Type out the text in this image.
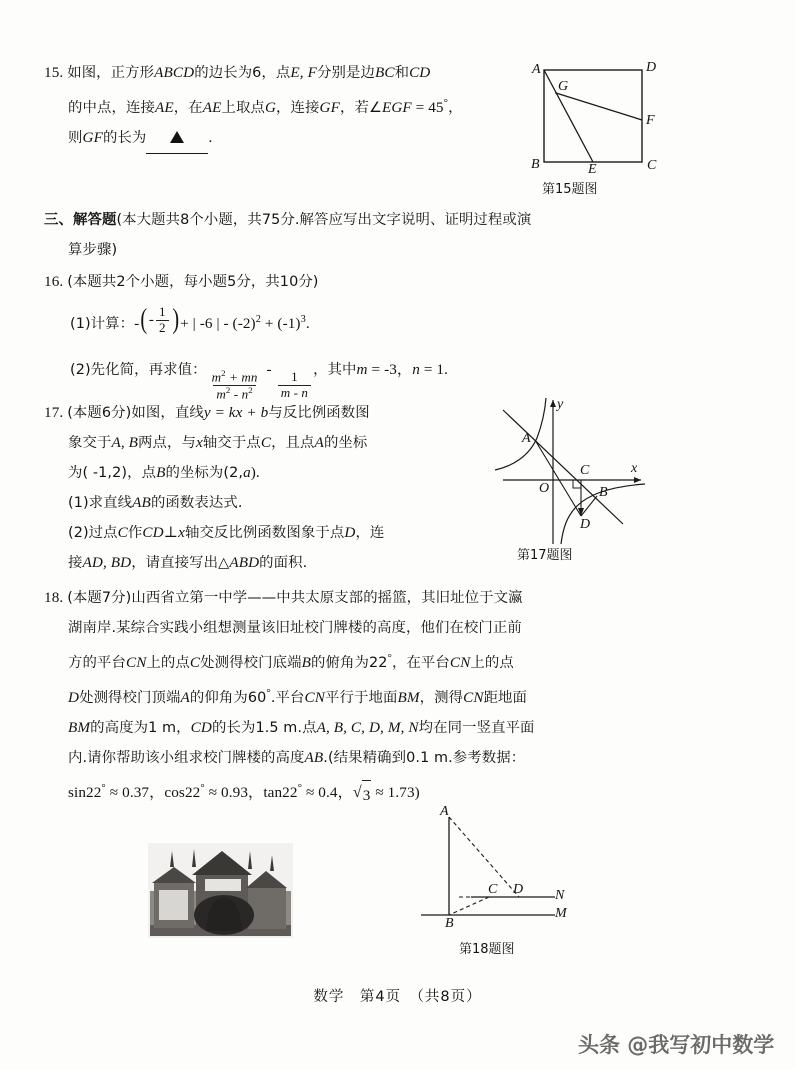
15. 如图，正方形ABCD的边长为6，点E, F分别是边BC和CD
的中点，连接AE，在AE上取点G，连接GF，若∠EGF = 45°，
则GF的长为	.
A	D
B	C
G
F
E
第15题图
三、解答题(本大题共8个小题，共75分.解答应写出文字说明、证明过程或演
算步骤)
16. (本题共2个小题，每小题5分，共10分)
(1)计算：- ( - $\frac{1}{2}$ ) + | -6 | - $(-2)^2 + (-1)^3$.
(2)先化简，再求值： $\frac{m^2 + mn}{m^2 - n^2}$ -
$\frac{1}{m - n}$ ，其中m = -3，n = 1.
17. (本题6分)如图，直线y = kx + b与反比例函数图
象交于A, B两点，与x轴交于点C，且点A的坐标
为( -1,2)，点B的坐标为(2,a).
(1)求直线AB的函数表达式.
(2)过点C作CD⊥x轴交反比例函数图象于点D，连
接AD, BD，请直接写出△ABD的面积.
y
x
O
A
C
B
D
第17题图
18. (本题7分)山西省立第一中学——中共太原支部的摇篮，其旧址位于文瀛
湖南岸.某综合实践小组想测量该旧址校门牌楼的高度，他们在校门正前
方的平台CN上的点C处测得校门底端B的俯角为22°，在平台CN上的点
D处测得校门顶端A的仰角为60°.平台CN平行于地面BM，测得CN距地面
BM的高度为1 m，CD的长为1.5 m.点A, B, C, D, M, N均在同一竖直平面
内.请你帮助该小组求校门牌楼的高度AB.(结果精确到0.1 m.参考数据：
sin22° ≈ 0.37，cos22° ≈ 0.93，tan22° ≈ 0.4， √ 3 ≈ 1.73)
A
C D N
B
M
第18题图
数学　第4页　（共8页）
头条 @我写初中数学
